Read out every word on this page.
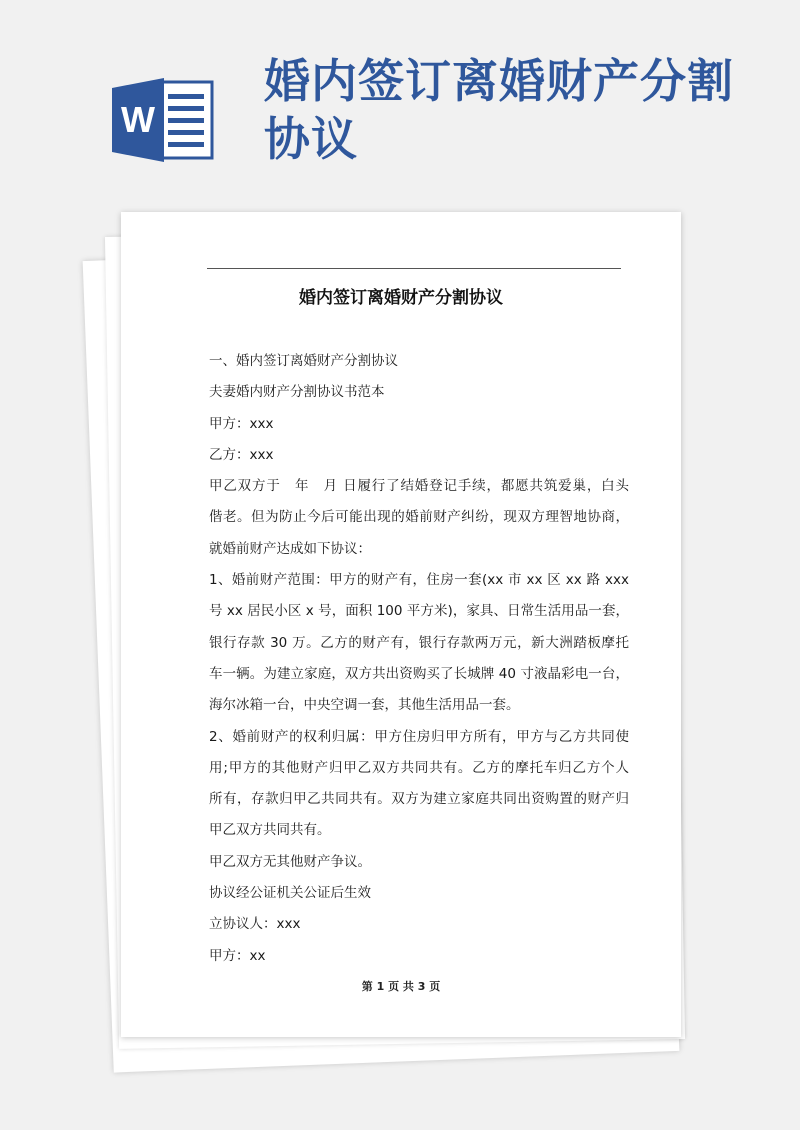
W
婚内签订离婚财产分割协议
婚内签订离婚财产分割协议
一、婚内签订离婚财产分割协议
夫妻婚内财产分割协议书范本
甲方：xxx
乙方：xxx
甲乙双方于　年　月 日履行了结婚登记手续，都愿共筑爱巢，白头
偕老。但为防止今后可能出现的婚前财产纠纷，现双方理智地协商，
就婚前财产达成如下协议：
1、婚前财产范围：甲方的财产有，住房一套(xx 市 xx 区 xx 路 xxx
号 xx 居民小区 x 号，面积 100 平方米)，家具、日常生活用品一套，
银行存款 30 万。乙方的财产有，银行存款两万元，新大洲踏板摩托
车一辆。为建立家庭，双方共出资购买了长城牌 40 寸液晶彩电一台，
海尔冰箱一台，中央空调一套，其他生活用品一套。
2、婚前财产的权利归属：甲方住房归甲方所有，甲方与乙方共同使
用;甲方的其他财产归甲乙双方共同共有。乙方的摩托车归乙方个人
所有，存款归甲乙共同共有。双方为建立家庭共同出资购置的财产归
甲乙双方共同共有。
甲乙双方无其他财产争议。
协议经公证机关公证后生效
立协议人：xxx
甲方：xx
第 1 页 共 3 页
